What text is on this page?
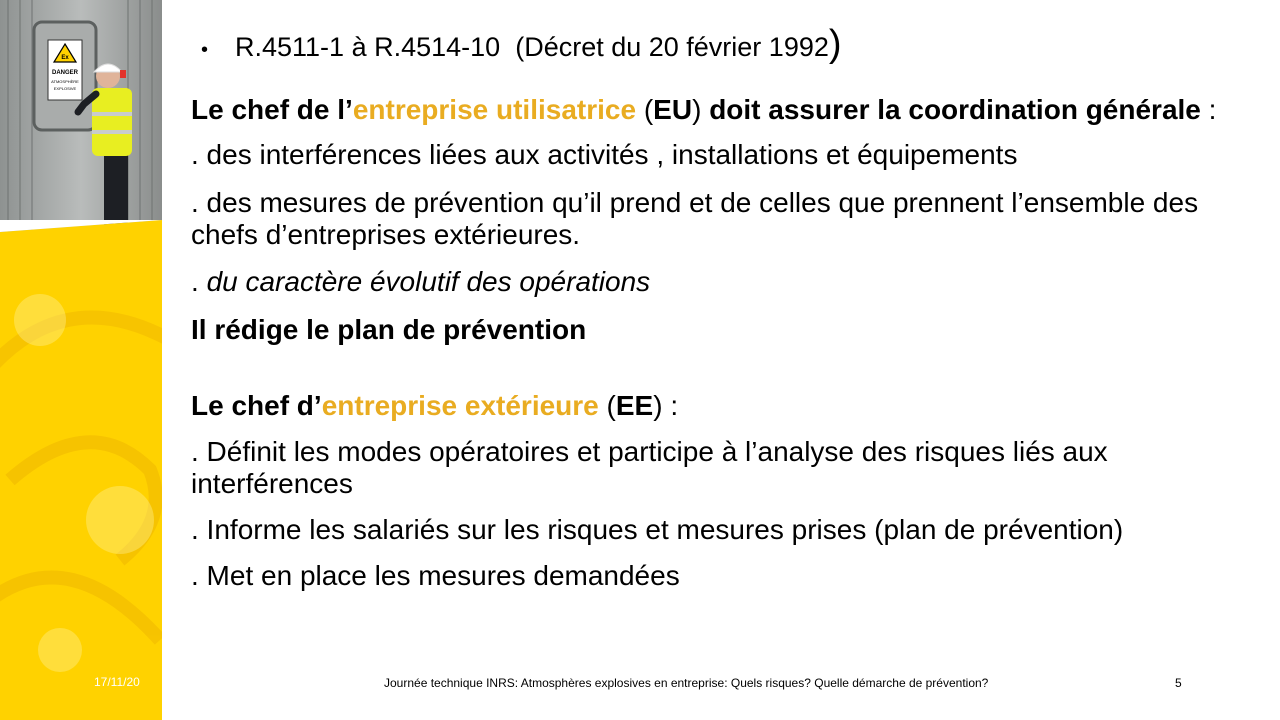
Ex
DANGER
ATMOSPHÈRE
EXPLOSIVE
• R.4511-1 à R.4514-10
(Décret du 20 février 1992 )

Le chef de l’entreprise utilisatrice (EU) doit assurer la coordination générale :

. des interférences liées aux activités , installations et équipements

. des mesures de prévention qu’il prend et de celles que prennent l’ensemble des chefs d’entreprises extérieures.

. du caractère évolutif des opérations

Il rédige le plan de prévention

Le chef d’entreprise extérieure (EE) :

. Définit les modes opératoires et participe à l’analyse des risques liés aux interférences

. Informe les salariés sur les risques et mesures prises (plan de prévention)

. Met en place les mesures demandées

17/11/20	Journée technique INRS: Atmosphères explosives en entreprise: Quels risques? Quelle démarche de prévention?	5
